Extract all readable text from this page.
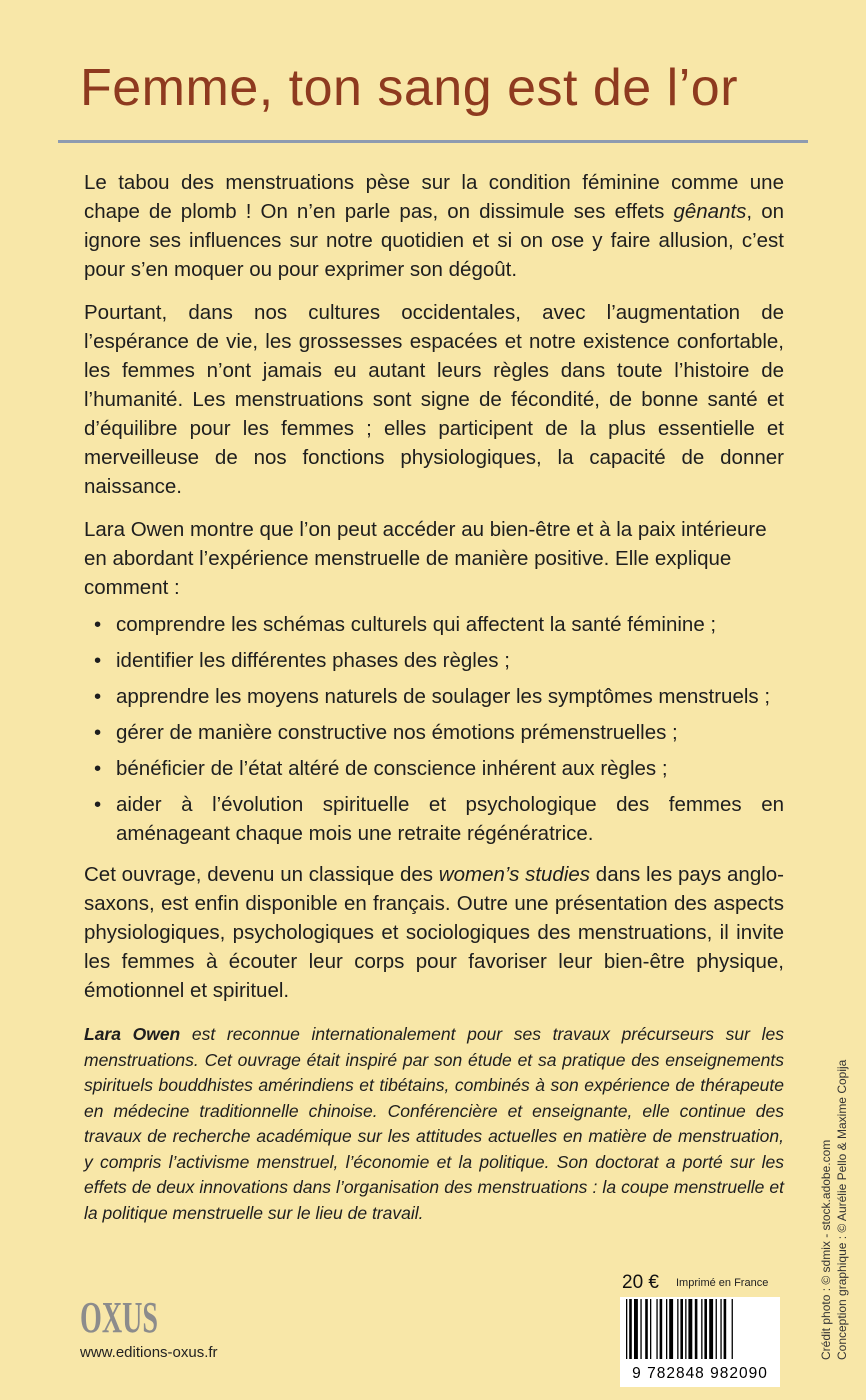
Femme, ton sang est de l’or

Le tabou des menstruations pèse sur la condition féminine comme une chape de plomb ! On n’en parle pas, on dissimule ses effets gênants, on ignore ses influences sur notre quotidien et si on ose y faire allusion, c’est pour s’en moquer ou pour exprimer son dégoût.

Pourtant, dans nos cultures occidentales, avec l’augmentation de l’espérance de vie, les grossesses espacées et notre existence confortable, les femmes n’ont jamais eu autant leurs règles dans toute l’histoire de l’humanité. Les menstruations sont signe de fécondité, de bonne santé et d’équilibre pour les femmes ; elles participent de la plus essentielle et merveilleuse de nos fonctions physiologiques, la capacité de donner naissance.

Lara Owen montre que l’on peut accéder au bien-être et à la paix intérieure en abordant l’expérience menstruelle de manière positive. Elle explique comment :

• comprendre les schémas culturels qui affectent la santé féminine ;
• identifier les différentes phases des règles ;
• apprendre les moyens naturels de soulager les symptômes menstruels ;
• gérer de manière constructive nos émotions prémenstruelles ;
• bénéficier de l’état altéré de conscience inhérent aux règles ;
• aider à l’évolution spirituelle et psychologique des femmes en aménageant chaque mois une retraite régénératrice.

Cet ouvrage, devenu un classique des women’s studies dans les pays anglo-saxons, est enfin disponible en français. Outre une présentation des aspects physiologiques, psychologiques et sociologiques des menstruations, il invite les femmes à écouter leur corps pour favoriser leur bien-être physique, émotionnel et spirituel.

Lara Owen est reconnue internationalement pour ses travaux précurseurs sur les menstruations. Cet ouvrage était inspiré par son étude et sa pratique des enseignements spirituels bouddhistes amérindiens et tibétains, combinés à son expérience de thérapeute en médecine traditionnelle chinoise. Conférencière et enseignante, elle continue des travaux de recherche académique sur les attitudes actuelles en matière de menstruation, y compris l’activisme menstruel, l’économie et la politique. Son doctorat a porté sur les effets de deux innovations dans l’organisation des menstruations : la coupe menstruelle et la politique menstruelle sur le lieu de travail.
OXUS
www.editions-oxus.fr
20 € Imprimé en France
9 782848 982090
Crédit photo : © sdmix - stock.adobe.com Conception graphique : © Aurélie Pello & Maxime Copija
